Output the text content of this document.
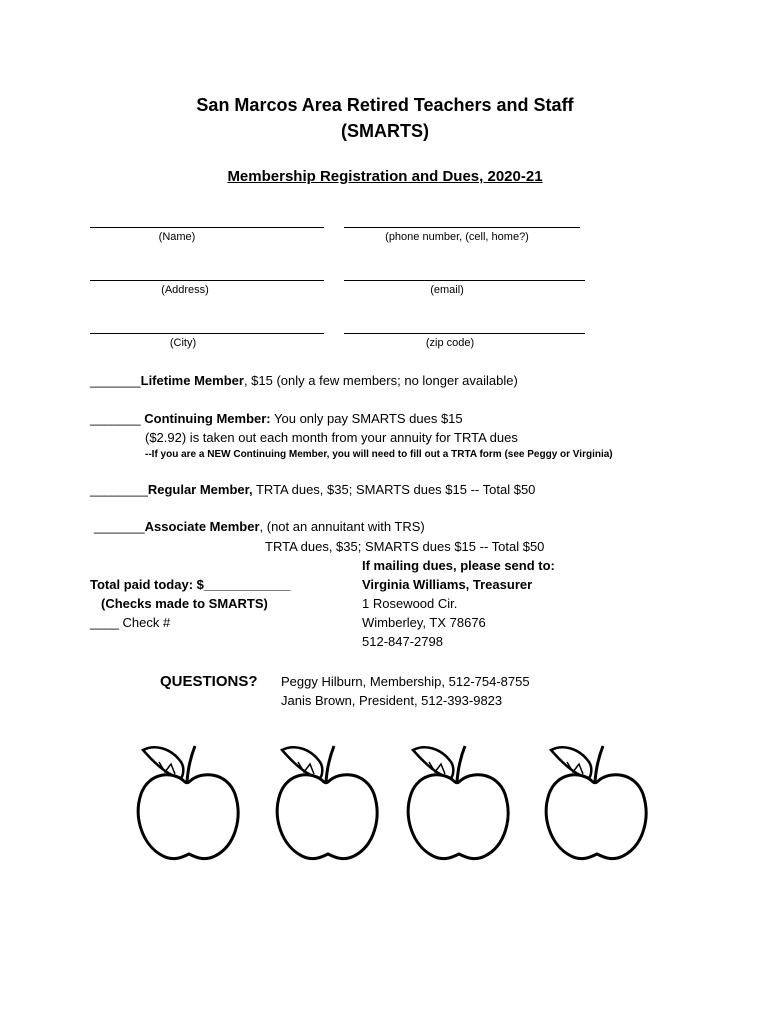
San Marcos Area Retired Teachers and Staff
(SMARTS)
Membership Registration and Dues, 2020-21
(Name)	(phone number, (cell, home?)
(Address)	(email)
(City)	(zip code)
_______Lifetime Member, $15 (only a few members; no longer available)
_______ Continuing Member: You only pay SMARTS dues $15
($2.92) is taken out each month from your annuity for TRTA dues
--If you are a NEW Continuing Member, you will need to fill out a TRTA form (see Peggy or Virginia)
________Regular Member, TRTA dues, $35; SMARTS dues $15 -- Total $50
_______Associate Member, (not an annuitant with TRS)
TRTA dues, $35; SMARTS dues $15 -- Total $50
Total paid today: $____________
(Checks made to SMARTS)
____ Check #
If mailing dues, please send to:
Virginia Williams, Treasurer
1 Rosewood Cir.
Wimberley, TX 78676
512-847-2798
QUESTIONS? Peggy Hilburn, Membership, 512-754-8755
Janis Brown, President, 512-393-9823
